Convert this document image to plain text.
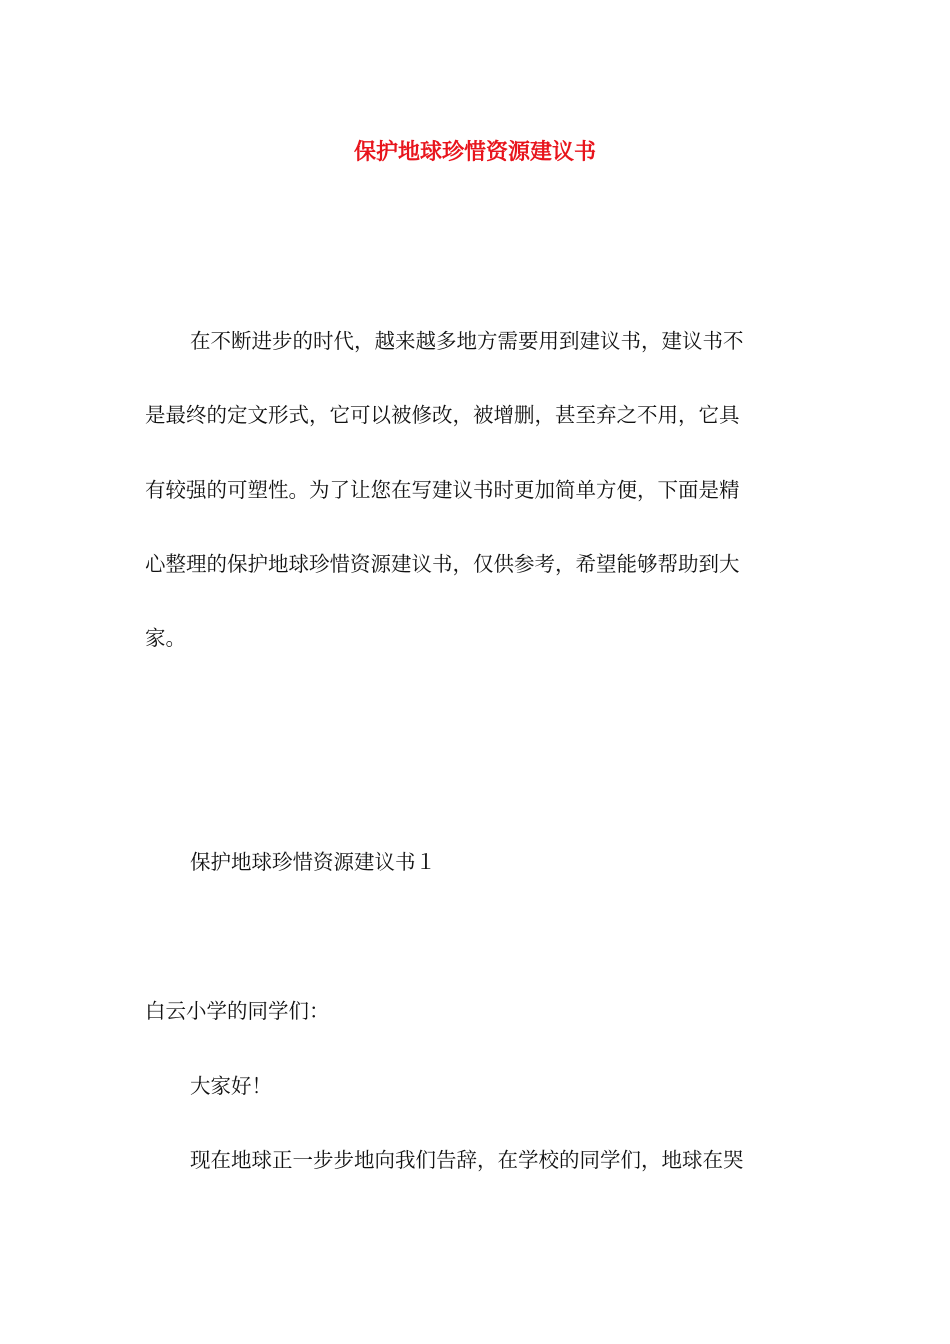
保护地球珍惜资源建议书

在不断进步的时代，越来越多地方需要用到建议书，建议书不

是最终的定文形式，它可以被修改，被增删，甚至弃之不用，它具

有较强的可塑性。为了让您在写建议书时更加简单方便，下面是精

心整理的保护地球珍惜资源建议书，仅供参考，希望能够帮助到大

家。

保护地球珍惜资源建议书１

白云小学的同学们：

大家好！

现在地球正一步步地向我们告辞，在学校的同学们，地球在哭
